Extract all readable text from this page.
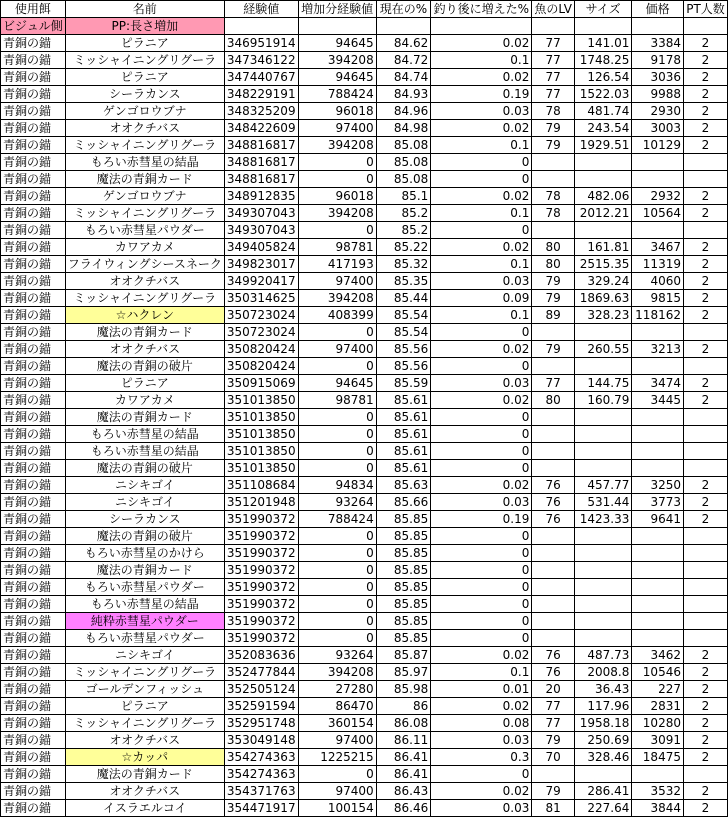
使用餌	名前	経験値	増加分経験値	現在の%	釣り後に増えた%	魚のLV	サイズ	価格	PT人数
ビジュル側	PP:長さ増加								
青銅の錨	ピラニア	346951914	94645	84.62	0.02	77	141.01	3384	2
青銅の錨	ミッシャイニングリグーラ	347346122	394208	84.72	0.1	77	1748.25	9178	2
青銅の錨	ピラニア	347440767	94645	84.74	0.02	77	126.54	3036	2
青銅の錨	シーラカンス	348229191	788424	84.93	0.19	77	1522.03	9988	2
青銅の錨	ゲンゴロウブナ	348325209	96018	84.96	0.03	78	481.74	2930	2
青銅の錨	オオクチバス	348422609	97400	84.98	0.02	79	243.54	3003	2
青銅の錨	ミッシャイニングリグーラ	348816817	394208	85.08	0.1	79	1929.51	10129	2
青銅の錨	もろい赤彗星の結晶	348816817	0	85.08	0				
青銅の錨	魔法の青銅カード	348816817	0	85.08	0				
青銅の錨	ゲンゴロウブナ	348912835	96018	85.1	0.02	78	482.06	2932	2
青銅の錨	ミッシャイニングリグーラ	349307043	394208	85.2	0.1	78	2012.21	10564	2
青銅の錨	もろい赤彗星パウダー	349307043	0	85.2	0				
青銅の錨	カワアカメ	349405824	98781	85.22	0.02	80	161.81	3467	2
青銅の錨	フライウィングシースネーク	349823017	417193	85.32	0.1	80	2515.35	11319	2
青銅の錨	オオクチバス	349920417	97400	85.35	0.03	79	329.24	4060	2
青銅の錨	ミッシャイニングリグーラ	350314625	394208	85.44	0.09	79	1869.63	9815	2
青銅の錨	☆ハクレン	350723024	408399	85.54	0.1	89	328.23	118162	2
青銅の錨	魔法の青銅カード	350723024	0	85.54	0				
青銅の錨	オオクチバス	350820424	97400	85.56	0.02	79	260.55	3213	2
青銅の錨	魔法の青銅の破片	350820424	0	85.56	0				
青銅の錨	ピラニア	350915069	94645	85.59	0.03	77	144.75	3474	2
青銅の錨	カワアカメ	351013850	98781	85.61	0.02	80	160.79	3445	2
青銅の錨	魔法の青銅カード	351013850	0	85.61	0				
青銅の錨	もろい赤彗星の結晶	351013850	0	85.61	0				
青銅の錨	もろい赤彗星の結晶	351013850	0	85.61	0				
青銅の錨	魔法の青銅の破片	351013850	0	85.61	0				
青銅の錨	ニシキゴイ	351108684	94834	85.63	0.02	76	457.77	3250	2
青銅の錨	ニシキゴイ	351201948	93264	85.66	0.03	76	531.44	3773	2
青銅の錨	シーラカンス	351990372	788424	85.85	0.19	76	1423.33	9641	2
青銅の錨	魔法の青銅の破片	351990372	0	85.85	0				
青銅の錨	もろい赤彗星のかけら	351990372	0	85.85	0				
青銅の錨	魔法の青銅カード	351990372	0	85.85	0				
青銅の錨	もろい赤彗星パウダー	351990372	0	85.85	0				
青銅の錨	もろい赤彗星の結晶	351990372	0	85.85	0				
青銅の錨	純粋赤彗星パウダー	351990372	0	85.85	0				
青銅の錨	もろい赤彗星パウダー	351990372	0	85.85	0				
青銅の錨	ニシキゴイ	352083636	93264	85.87	0.02	76	487.73	3462	2
青銅の錨	ミッシャイニングリグーラ	352477844	394208	85.97	0.1	76	2008.8	10546	2
青銅の錨	ゴールデンフィッシュ	352505124	27280	85.98	0.01	20	36.43	227	2
青銅の錨	ピラニア	352591594	86470	86	0.02	77	117.96	2831	2
青銅の錨	ミッシャイニングリグーラ	352951748	360154	86.08	0.08	77	1958.18	10280	2
青銅の錨	オオクチバス	353049148	97400	86.11	0.03	79	250.69	3091	2
青銅の錨	☆カッパ	354274363	1225215	86.41	0.3	70	328.46	18475	2
青銅の錨	魔法の青銅カード	354274363	0	86.41	0				
青銅の錨	オオクチバス	354371763	97400	86.43	0.02	79	286.41	3532	2
青銅の錨	イスラエルコイ	354471917	100154	86.46	0.03	81	227.64	3844	2
